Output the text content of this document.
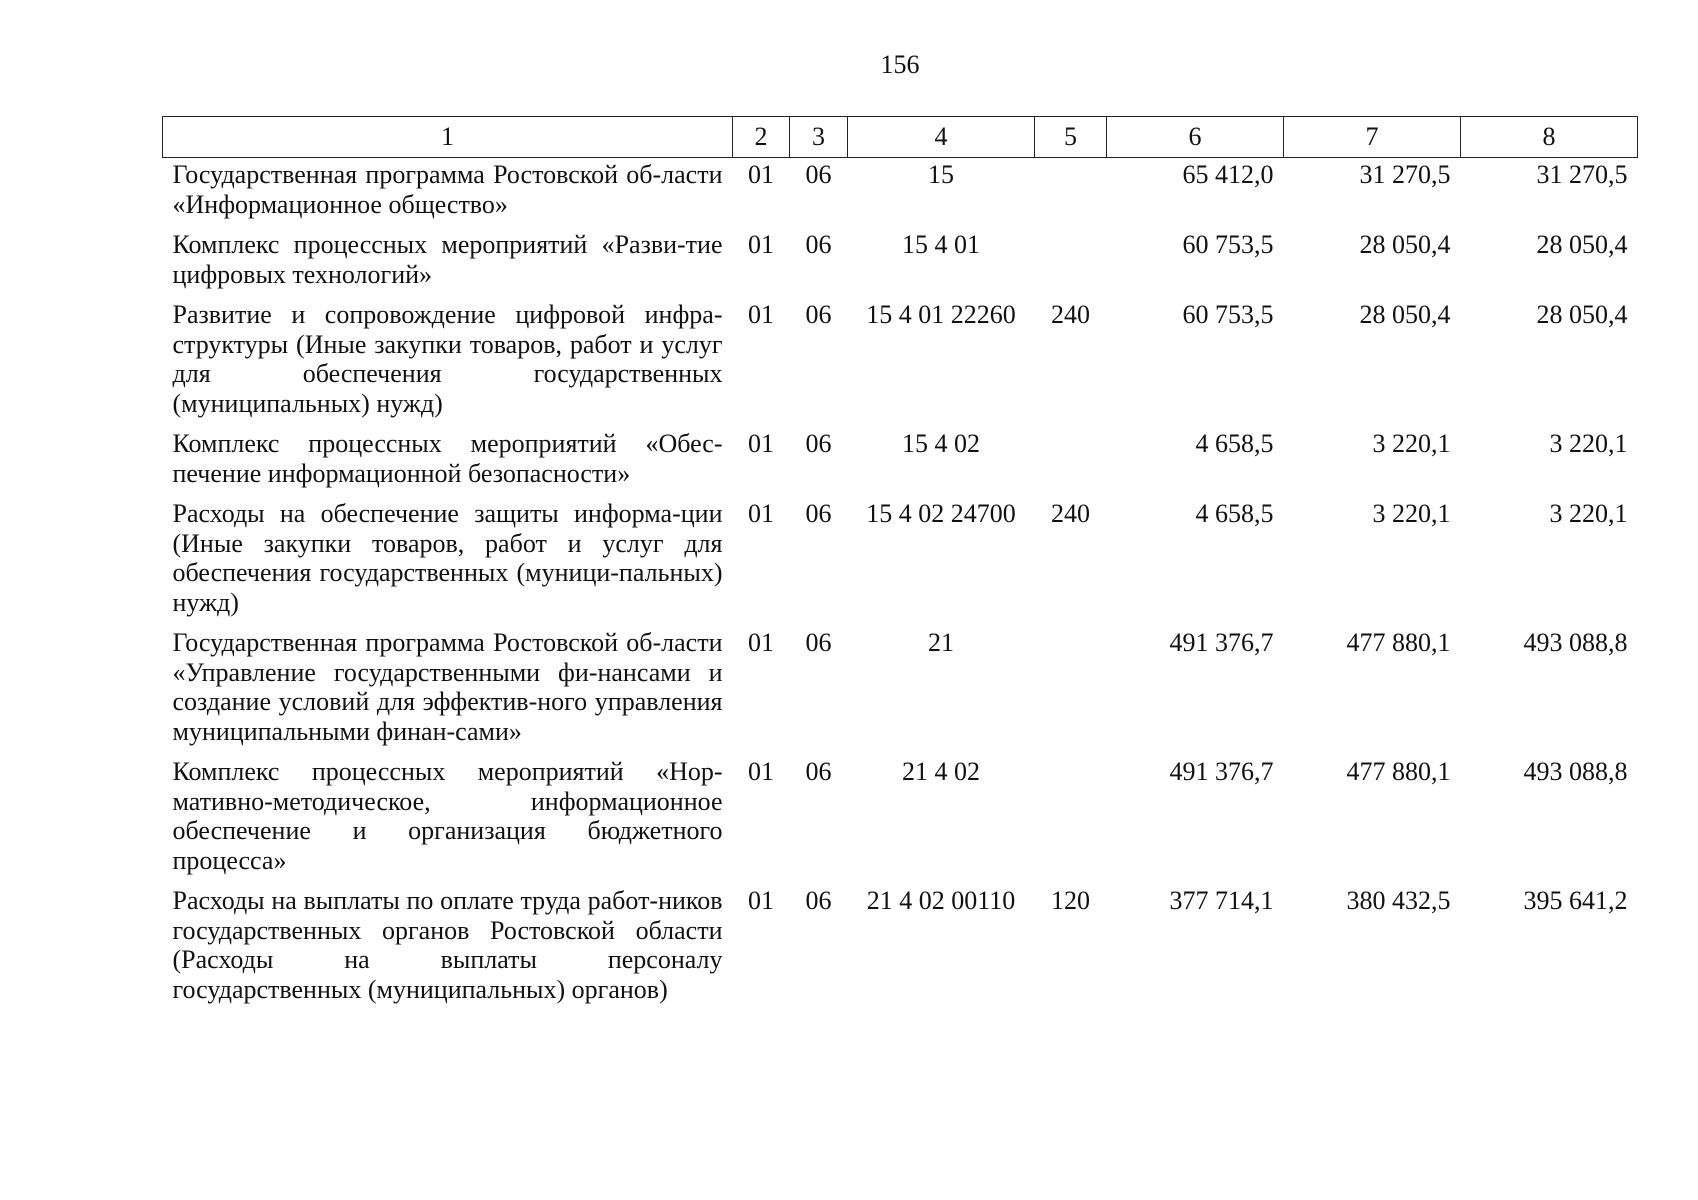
156
1	2	3	4	5	6	7	8
Государственная программа Ростовской об-ласти «Информационное общество»	01	06	15		65 412,0	31 270,5	31 270,5
Комплекс процессных мероприятий «Разви-тие цифровых технологий»	01	06	15 4 01		60 753,5	28 050,4	28 050,4
Развитие и сопровождение цифровой инфра-структуры (Иные закупки товаров, работ и услуг для обеспечения государственных (муниципальных) нужд)	01	06	15 4 01 22260	240	60 753,5	28 050,4	28 050,4
Комплекс процессных мероприятий «Обес-печение информационной безопасности»	01	06	15 4 02		4 658,5	3 220,1	3 220,1
Расходы на обеспечение защиты информа-ции (Иные закупки товаров, работ и услуг для обеспечения государственных (муници-пальных) нужд)	01	06	15 4 02 24700	240	4 658,5	3 220,1	3 220,1
Государственная программа Ростовской об-ласти «Управление государственными фи-нансами и создание условий для эффектив-ного управления муниципальными финан-сами»	01	06	21		491 376,7	477 880,1	493 088,8
Комплекс процессных мероприятий «Нор-мативно-методическое, информационное обеспечение и организация бюджетного процесса»	01	06	21 4 02		491 376,7	477 880,1	493 088,8
Расходы на выплаты по оплате труда работ-ников государственных органов Ростовской области (Расходы на выплаты персоналу государственных (муниципальных) органов)	01	06	21 4 02 00110	120	377 714,1	380 432,5	395 641,2
